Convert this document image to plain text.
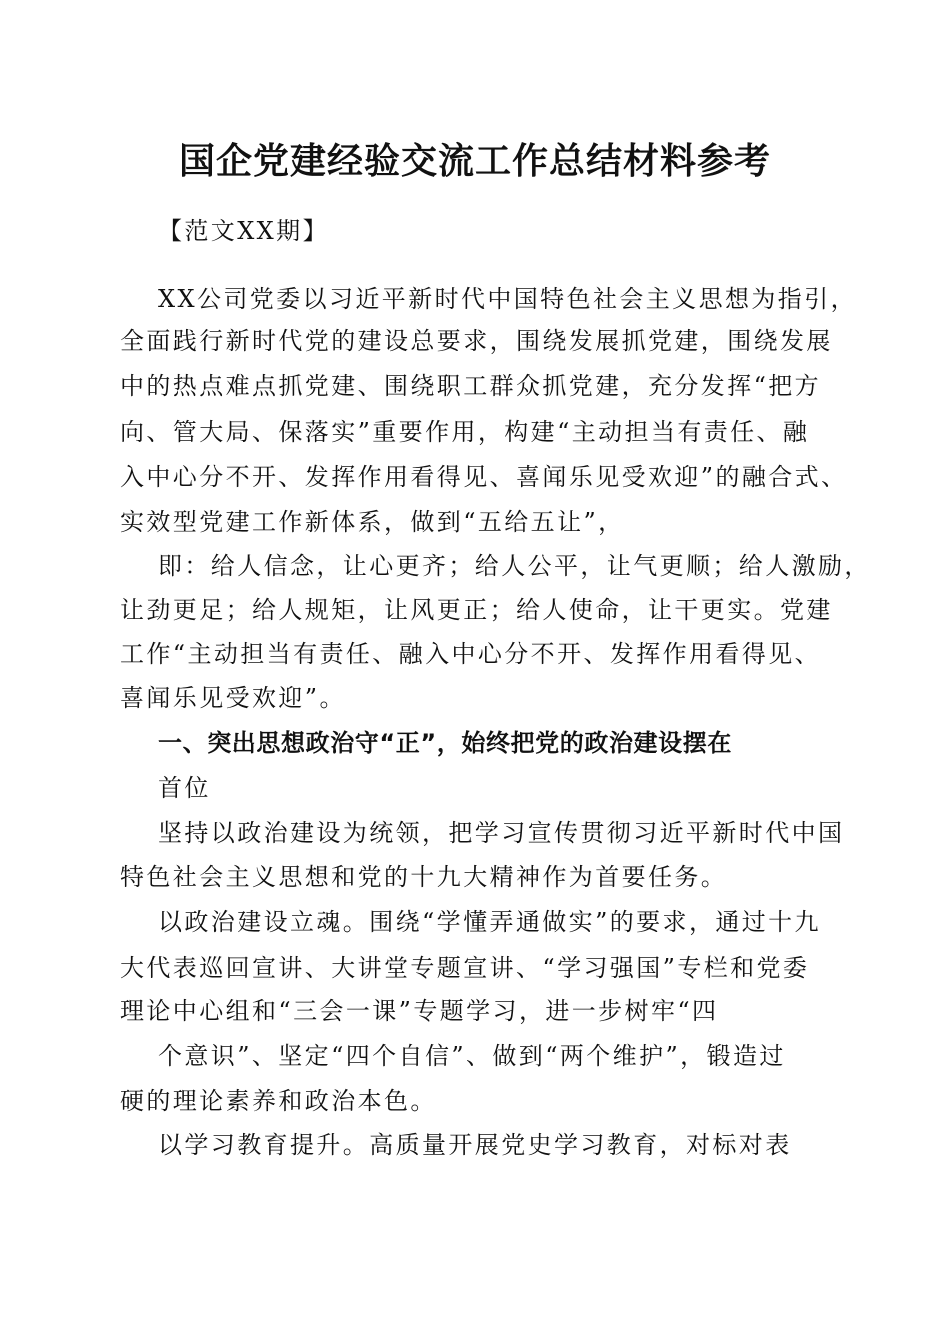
国企党建经验交流工作总结材料参考

【范文XX期】

XX公司党委以习近平新时代中国特色社会主义思想为指引，

全面践行新时代党的建设总要求，围绕发展抓党建，围绕发展

中的热点难点抓党建、围绕职工群众抓党建，充分发挥“把方

向、管大局、保落实”重要作用，构建“主动担当有责任、融

入中心分不开、发挥作用看得见、喜闻乐见受欢迎”的融合式、

实效型党建工作新体系，做到“五给五让”，

即：给人信念，让心更齐；给人公平，让气更顺；给人激励，

让劲更足；给人规矩，让风更正；给人使命，让干更实。党建

工作“主动担当有责任、融入中心分不开、发挥作用看得见、

喜闻乐见受欢迎”。

一、突出思想政治守“正”，始终把党的政治建设摆在

首位

坚持以政治建设为统领，把学习宣传贯彻习近平新时代中国

特色社会主义思想和党的十九大精神作为首要任务。

以政治建设立魂。围绕“学懂弄通做实”的要求，通过十九

大代表巡回宣讲、大讲堂专题宣讲、“学习强国”专栏和党委

理论中心组和“三会一课”专题学习，进一步树牢“四

个意识”、坚定“四个自信”、做到“两个维护”，锻造过

硬的理论素养和政治本色。

以学习教育提升。高质量开展党史学习教育，对标对表
